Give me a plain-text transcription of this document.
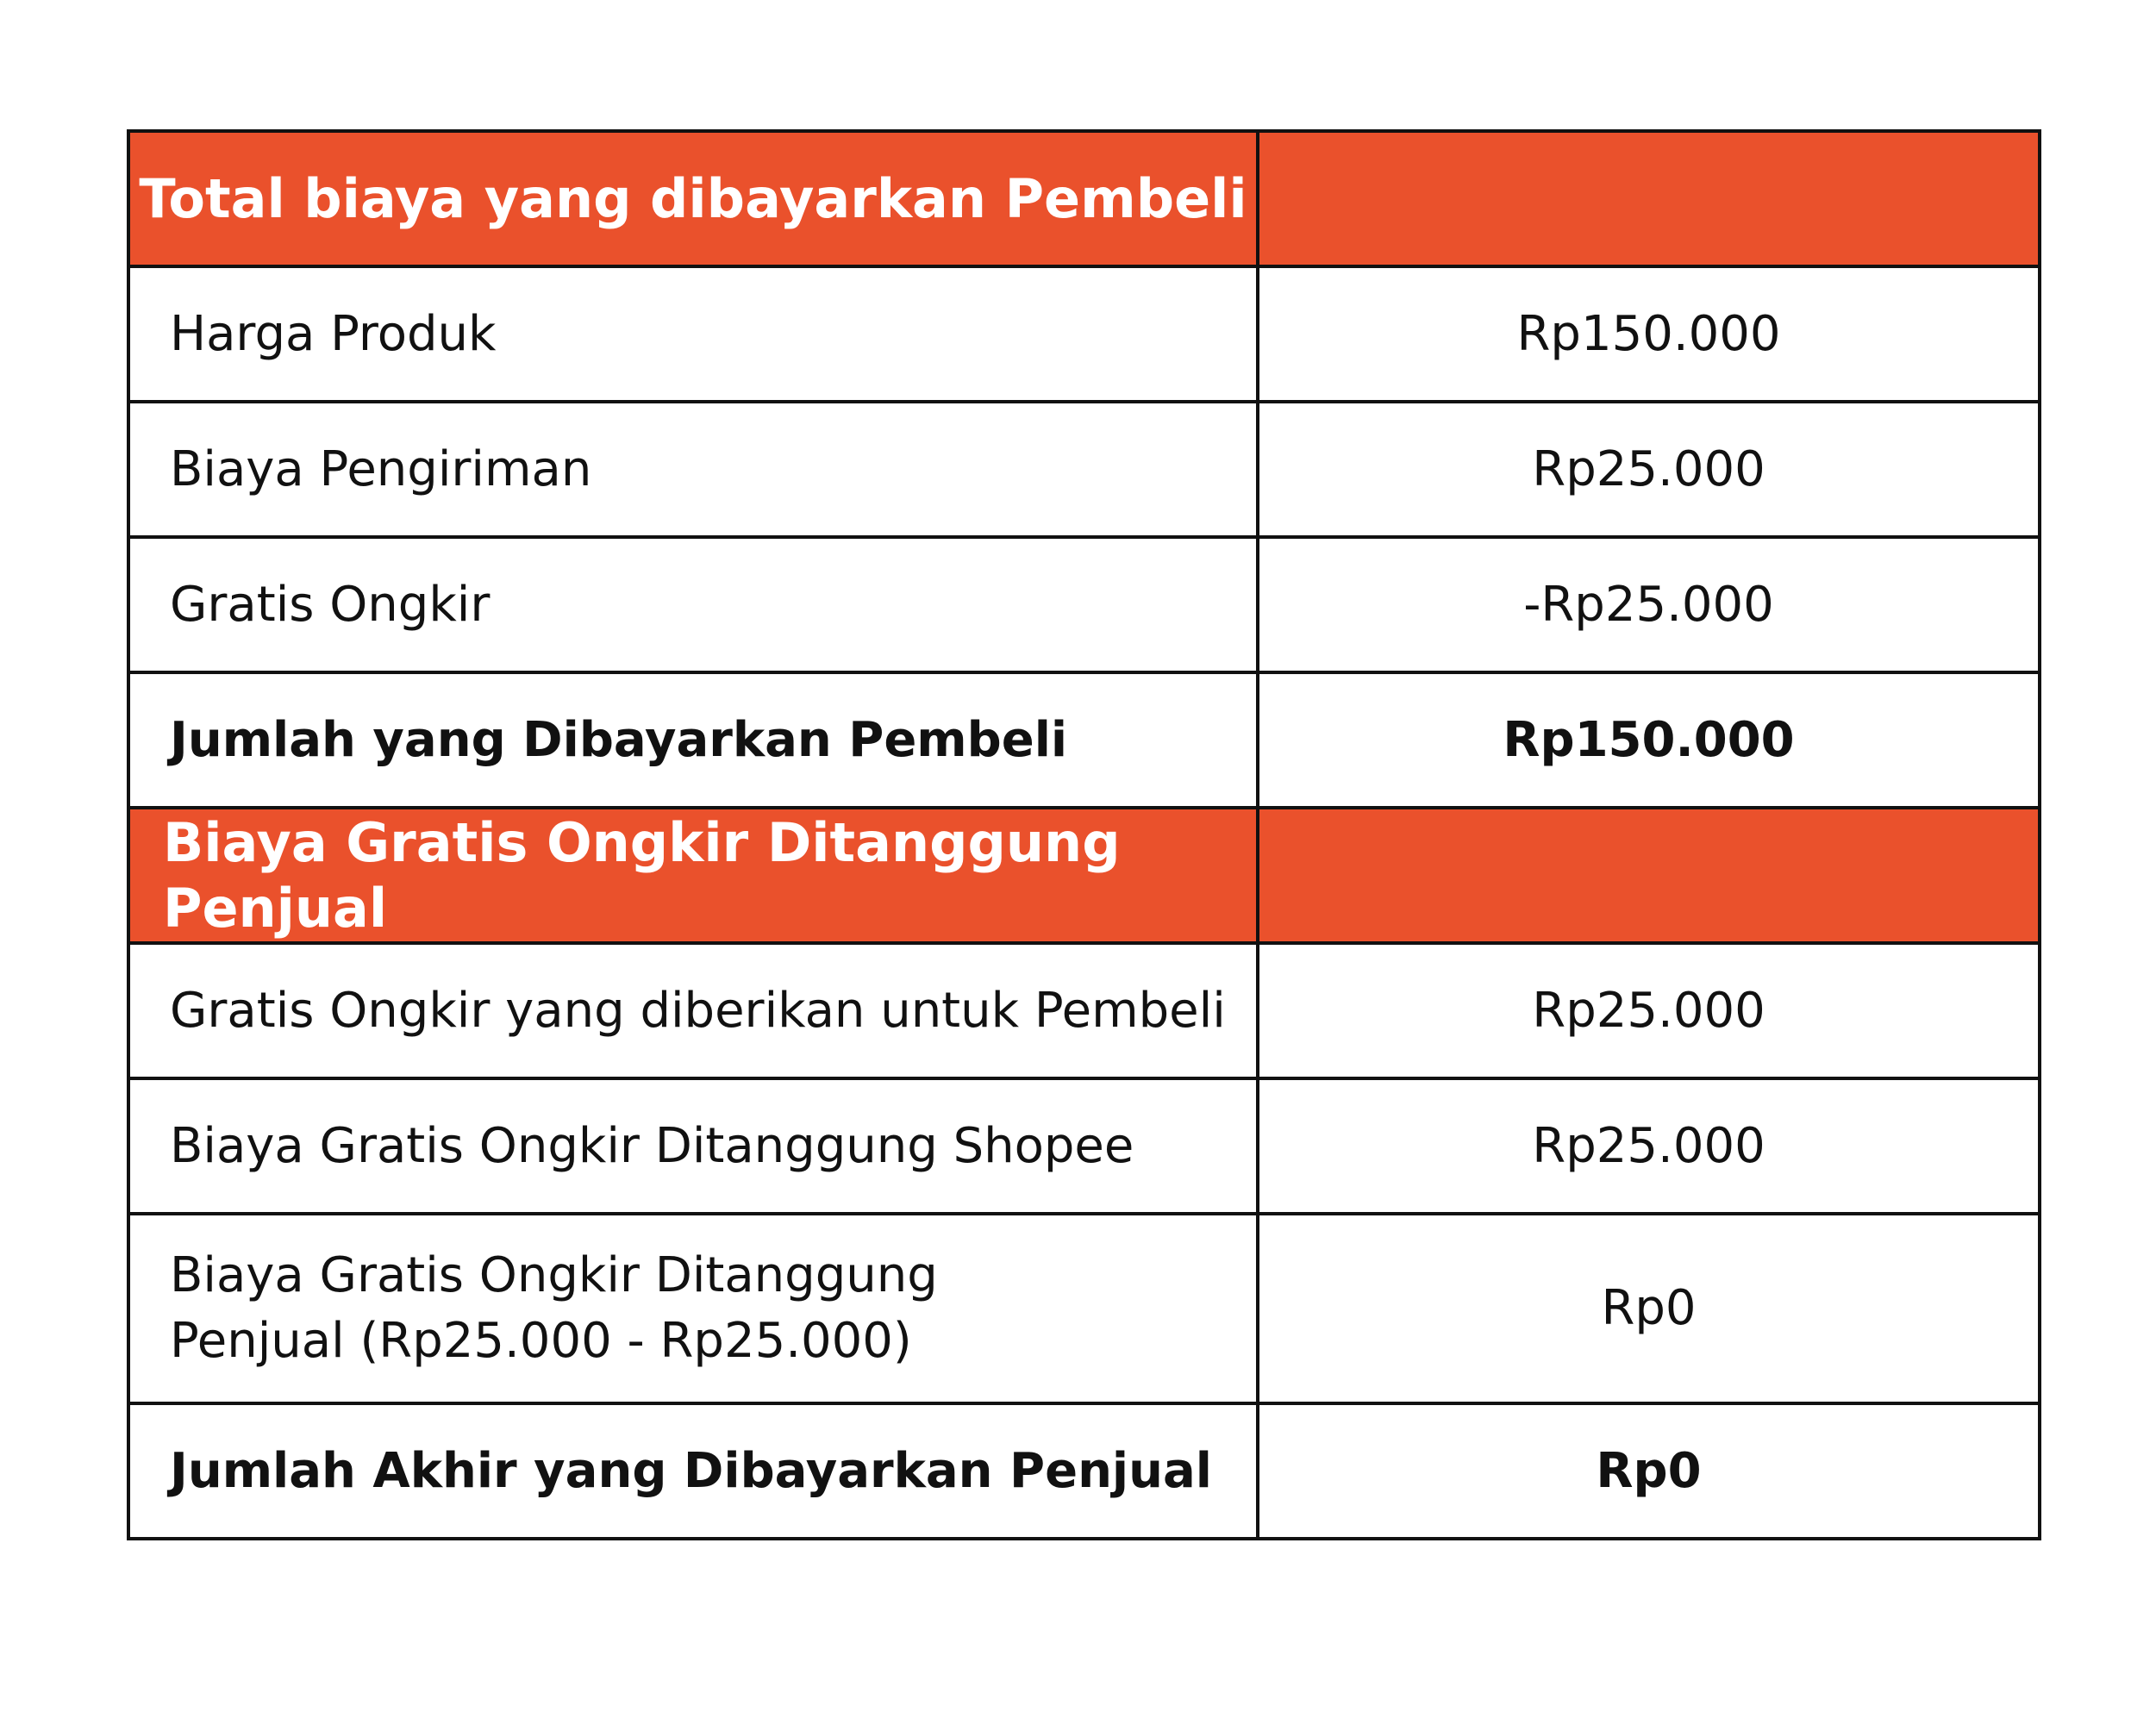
Total biaya yang dibayarkan Pembeli	
Harga Produk	Rp150.000
Biaya Pengiriman	Rp25.000
Gratis Ongkir	-Rp25.000
Jumlah yang Dibayarkan Pembeli	Rp150.000
Biaya Gratis Ongkir Ditanggung Penjual	
Gratis Ongkir yang diberikan untuk Pembeli	Rp25.000
Biaya Gratis Ongkir Ditanggung Shopee	Rp25.000

Biaya Gratis Ongkir Ditanggung Penjual (Rp25.000 - Rp25.000)	Rp0
Jumlah Akhir yang Dibayarkan Penjual	Rp0
